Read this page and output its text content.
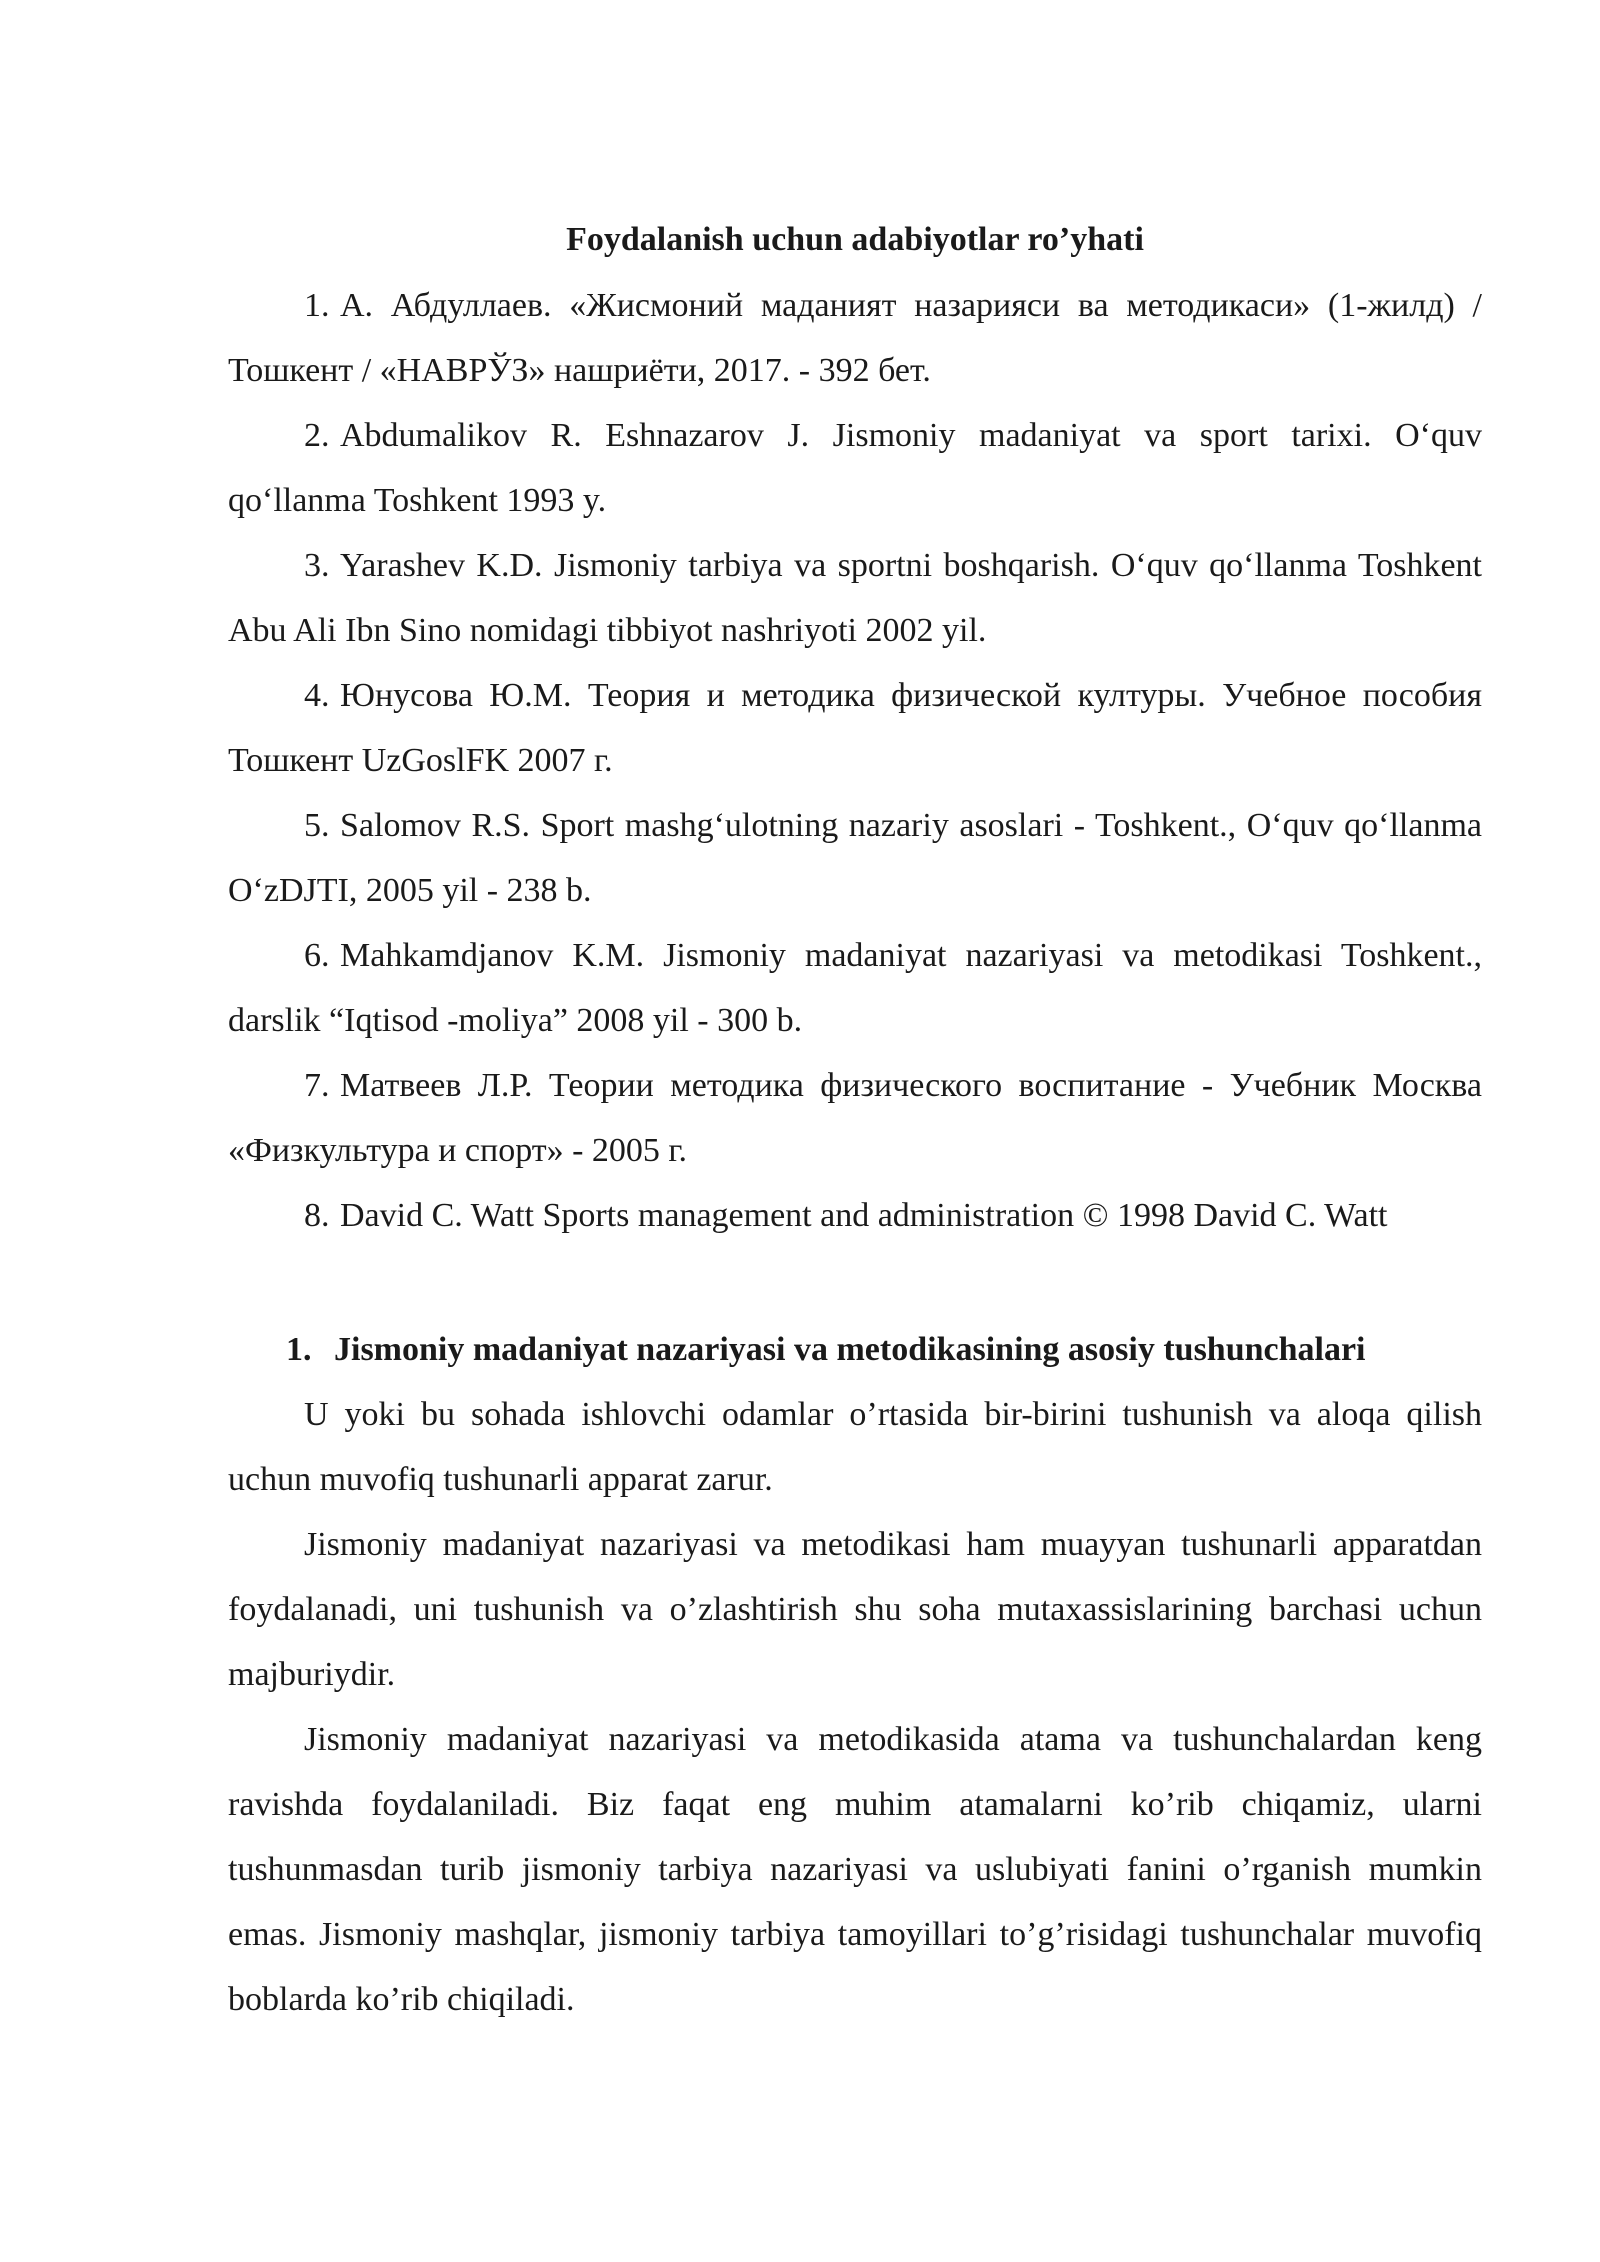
Foydalanish uchun adabiyotlar ro’yhati
1. А. Абдуллаев. «Жисмоний маданият назарияси ва методикаси» (1-жилд) / Тошкент / «НАВРЎЗ» нашриёти, 2017. - 392 бет.
2. Abdumalikov R. Eshnazarov J. Jismoniy madaniyat va sport tarixi. O‘quv qo‘llanma Toshkent 1993 y.
3. Yarashev K.D. Jismoniy tarbiya va sportni boshqarish. O‘quv qo‘llanma Toshkent Abu Ali Ibn Sino nomidagi tibbiyot nashriyoti 2002 yil.
4. Юнусова Ю.М. Теория и методика физической културы. Учебное пособия Тошкент UzGoslFK 2007 г.
5. Salomov R.S. Sport mashg‘ulotning nazariy asoslari - Toshkent., O‘quv qo‘llanma O‘zDJTI, 2005 yil - 238 b.
6. Mahkamdjanov K.M. Jismoniy madaniyat nazariyasi va metodikasi Toshkent., darslik “Iqtisod -moliya” 2008 yil - 300 b.
7. Матвеев Л.Р. Теории методика физического воспитание - Учебник Москва «Физкультура и спорт» - 2005 г.
8. David C. Watt Sports management and administration © 1998 David C. Watt
1. Jismoniy madaniyat nazariyasi va metodikasining asosiy tushunchalari

U yoki bu sohada ishlovchi odamlar o’rtasida bir-birini tushunish va aloqa qilish uchun muvofiq tushunarli apparat zarur.

Jismoniy madaniyat nazariyasi va metodikasi ham muayyan tushunarli apparatdan foydalanadi, uni tushunish va o’zlashtirish shu soha mutaxassislarining barchasi uchun majburiydir.

Jismoniy madaniyat nazariyasi va metodikasida atama va tushunchalardan keng ravishda foydalaniladi. Biz faqat eng muhim atamalarni ko’rib chiqamiz, ularni tushunmasdan turib jismoniy tarbiya nazariyasi va uslubiyati fanini o’rganish mumkin emas. Jismoniy mashqlar, jismoniy tarbiya tamoyillari to’g’risidagi tushunchalar muvofiq boblarda ko’rib chiqiladi.
